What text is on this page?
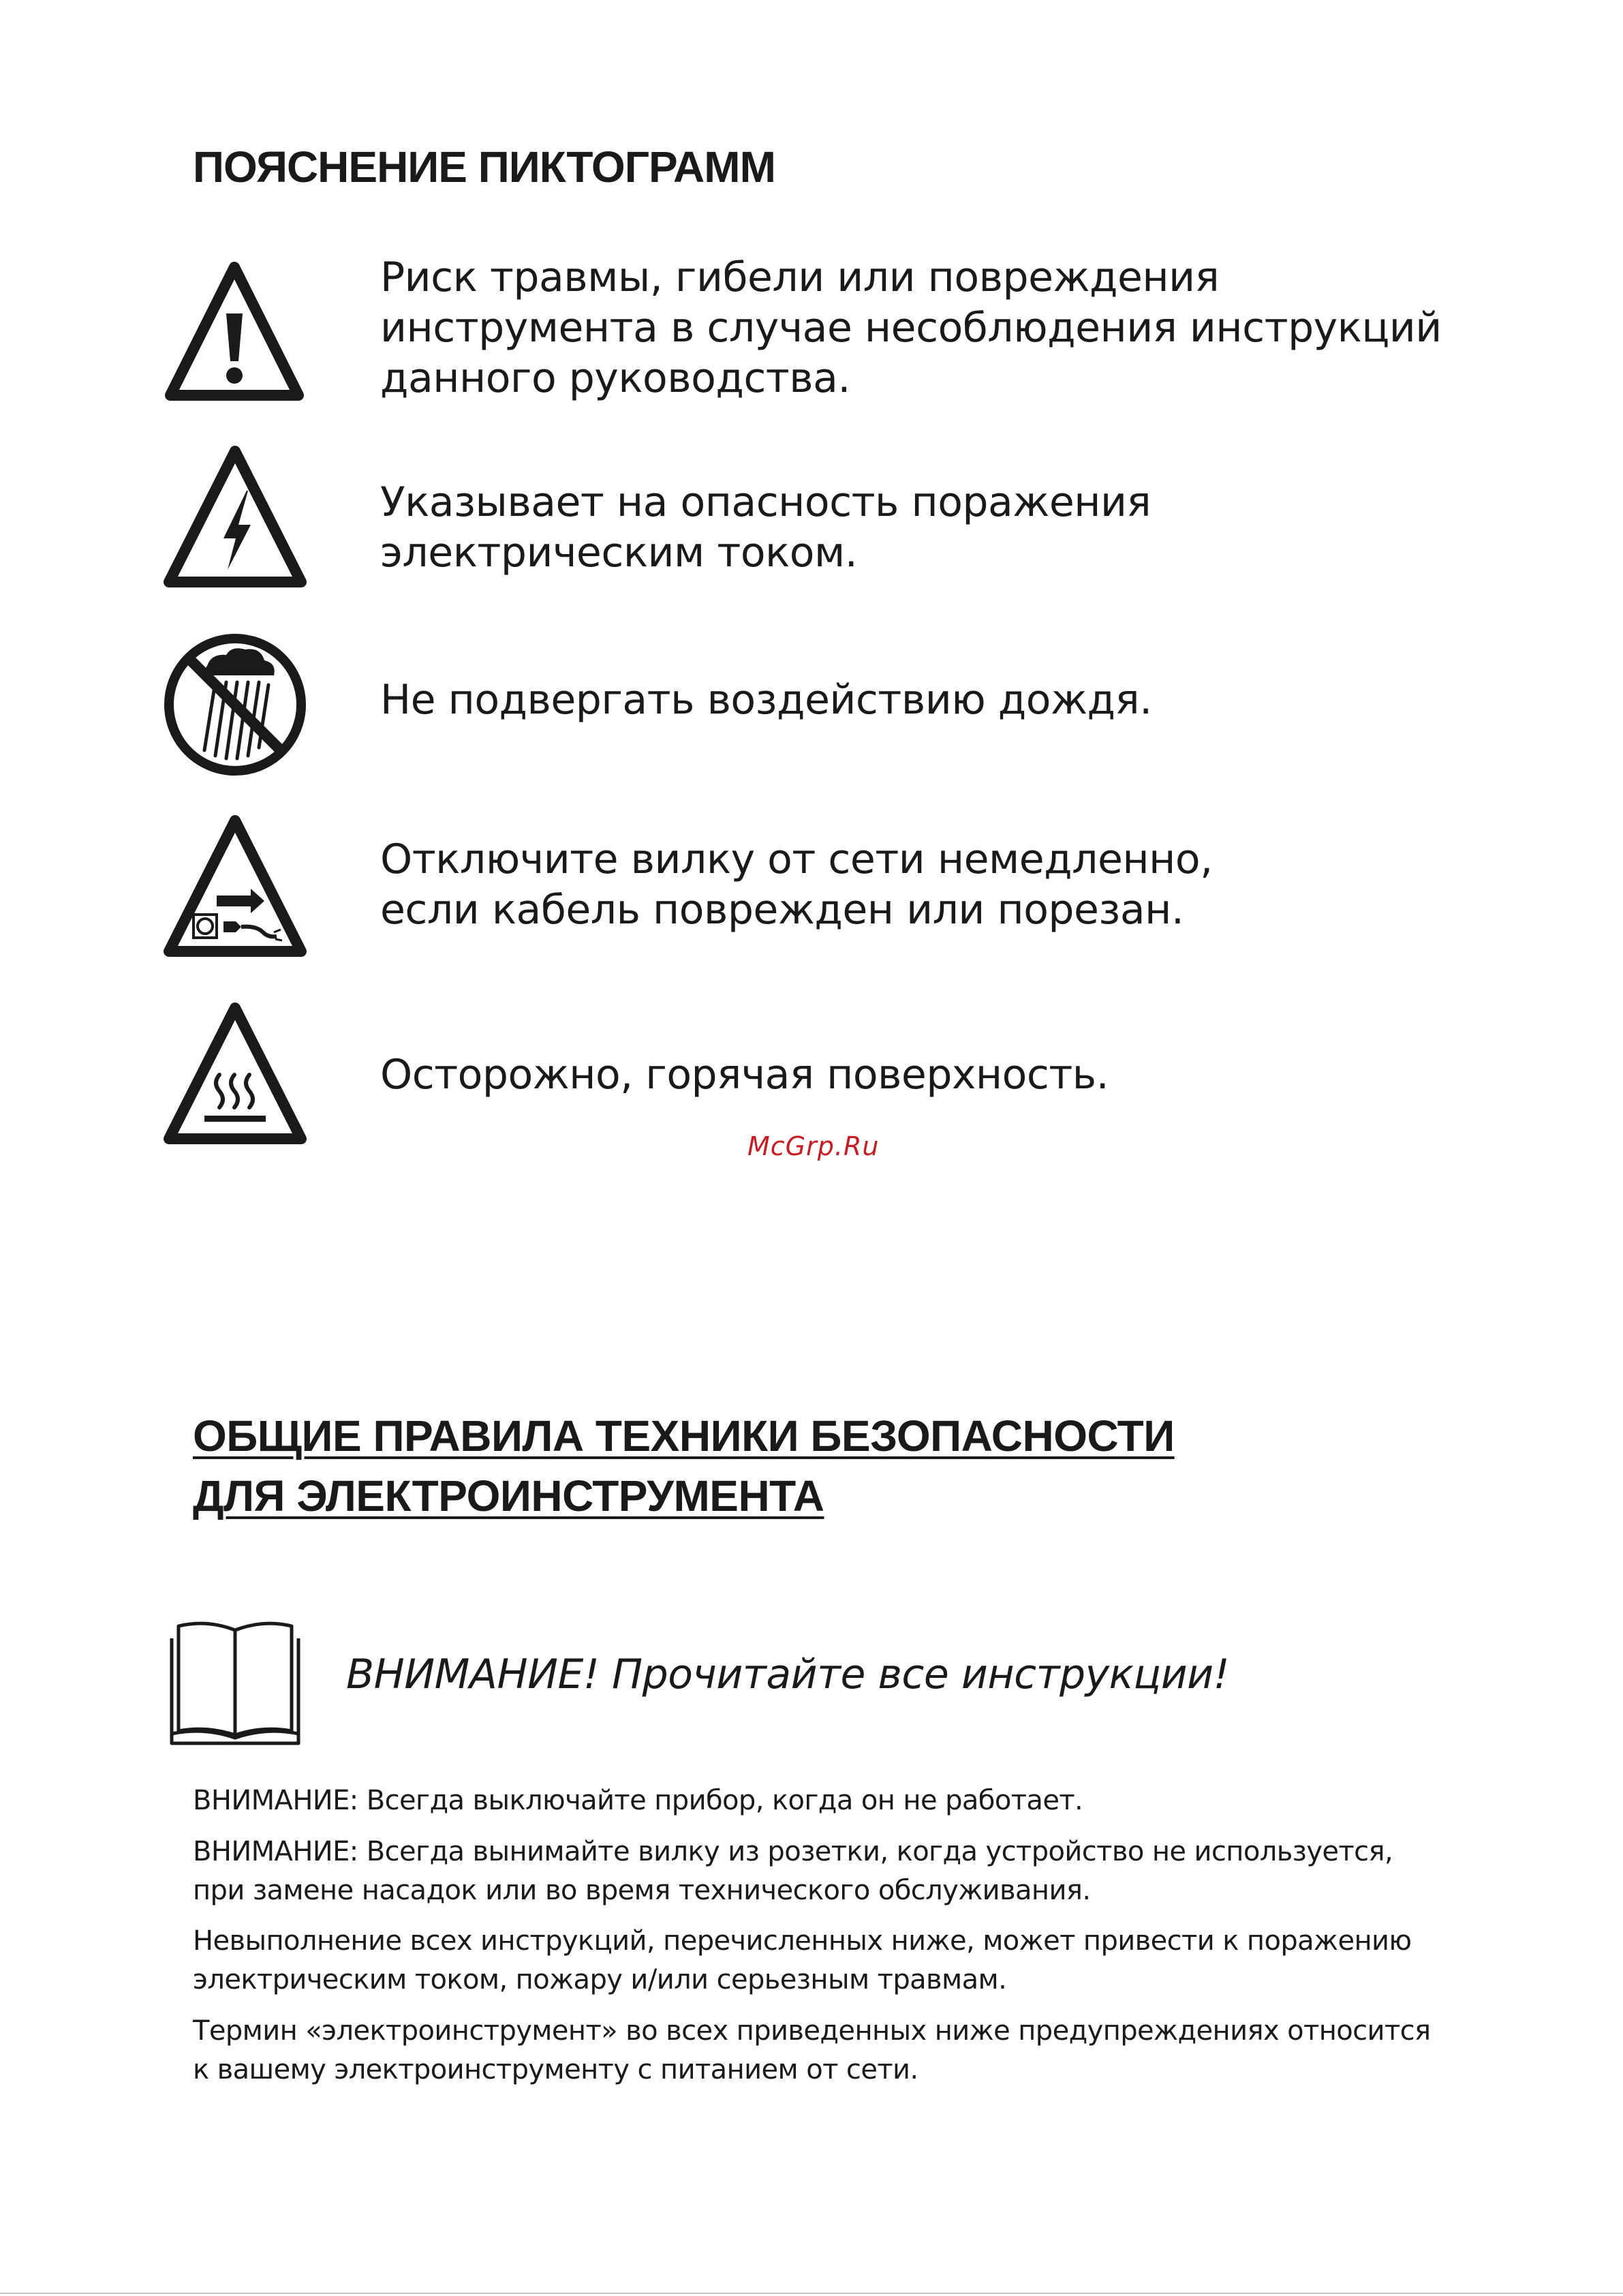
ПОЯСНЕНИЕ ПИКТОГРАММ
Риск травмы, гибели или повреждения
инструмента в случае несоблюдения инструкций
данного руководства.
Указывает на опасность поражения
электрическим током.
Не подвергать воздействию дождя.
Отключите вилку от сети немедленно,
если кабель поврежден или порезан.
Осторожно, горячая поверхность.

McGrp.Ru

ОБЩИЕ ПРАВИЛА ТЕХНИКИ БЕЗОПАСНОСТИ
ДЛЯ ЭЛЕКТРОИНСТРУМЕНТА

ВНИМАНИЕ! Прочитайте все инструкции!

ВНИМАНИЕ: Всегда выключайте прибор, когда он не работает.
ВНИМАНИЕ: Всегда вынимайте вилку из розетки, когда устройство не используется,
при замене насадок или во время технического обслуживания.
Невыполнение всех инструкций, перечисленных ниже, может привести к поражению
электрическим током, пожару и/или серьезным травмам.
Термин «электроинструмент» во всех приведенных ниже предупреждениях относится
к вашему электроинструменту с питанием от сети.
